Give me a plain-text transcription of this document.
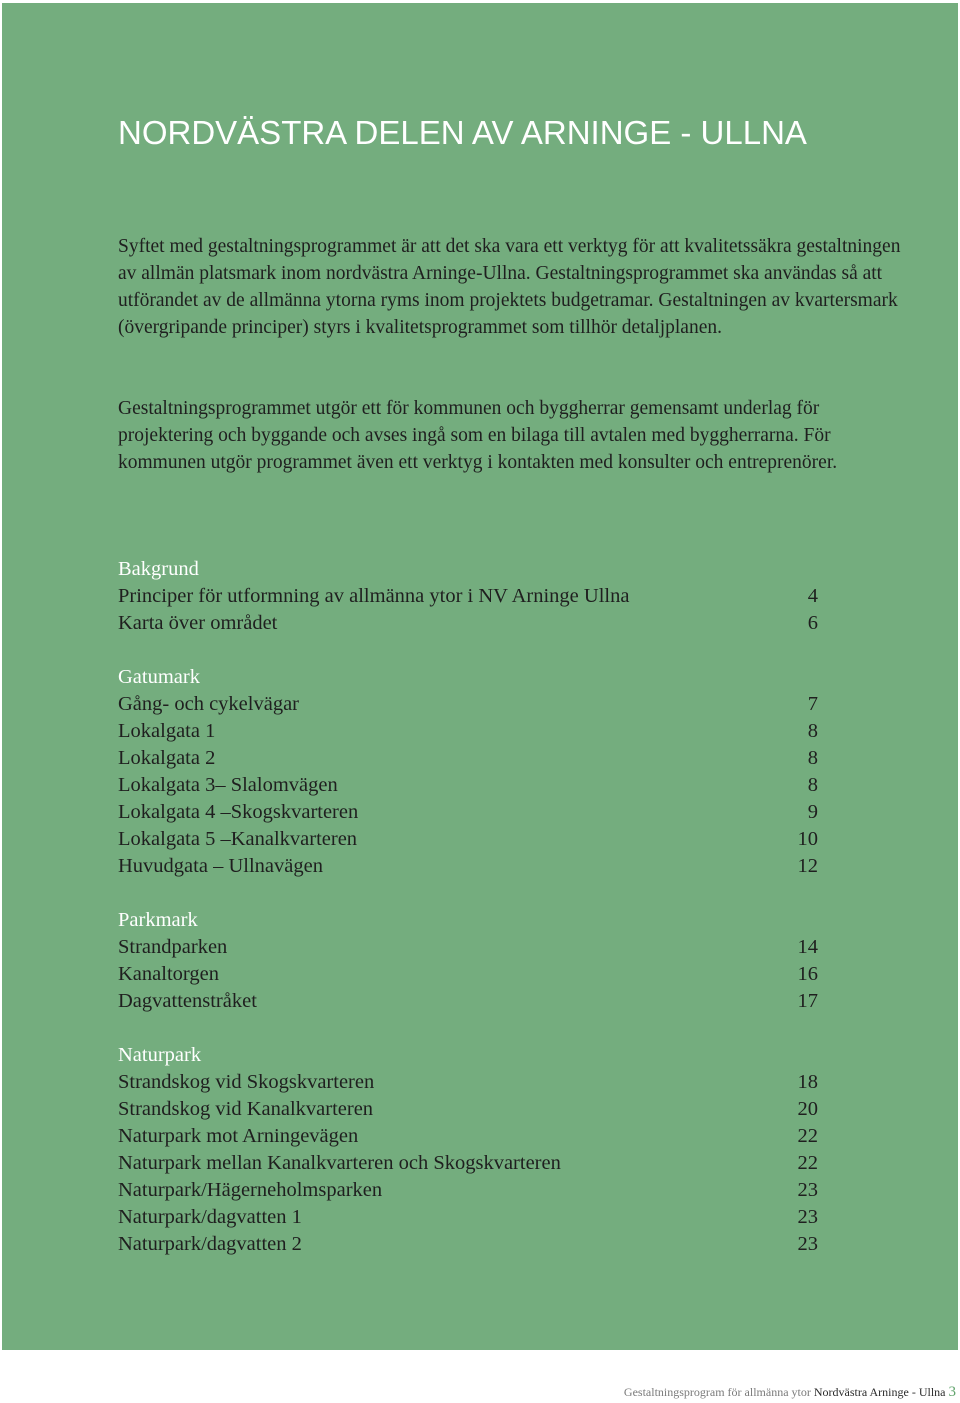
NORDVÄSTRA DELEN AV ARNINGE - ULLNA

Syftet med gestaltningsprogrammet är att det ska vara ett verktyg för att kvalitetssäkra gestaltningen av allmän platsmark inom nordvästra Arninge-Ullna. Gestaltningsprogrammet ska användas så att utförandet av de allmänna ytorna ryms inom projektets budgetramar. Gestaltningen av kvartersmark (övergripande principer) styrs i kvalitetsprogrammet som tillhör detaljplanen.

Gestaltningsprogrammet utgör ett för kommunen och byggherrar gemensamt underlag för projektering och byggande och avses ingå som en bilaga till avtalen med byggherrarna. För kommunen utgör programmet även ett verktyg i kontakten med konsulter och entreprenörer.

Bakgrund
Principer för utformning av allmänna ytor i NV Arninge Ullna	4
Karta över området	6
Gatumark
Gång- och cykelvägar	7
Lokalgata 1	8
Lokalgata 2	8
Lokalgata 3– Slalomvägen	8
Lokalgata 4 –Skogskvarteren	9
Lokalgata 5 –Kanalkvarteren	10
Huvudgata – Ullnavägen	12
Parkmark
Strandparken	14
Kanaltorgen	16
Dagvattenstråket	17
Naturpark
Strandskog vid Skogskvarteren	18
Strandskog vid Kanalkvarteren	20
Naturpark mot Arningevägen	22
Naturpark mellan Kanalkvarteren och Skogskvarteren	22
Naturpark/Hägerneholmsparken	23
Naturpark/dagvatten 1	23
Naturpark/dagvatten 2	23
Gestaltningsprogram för allmänna ytor Nordvästra Arninge - Ullna 3
